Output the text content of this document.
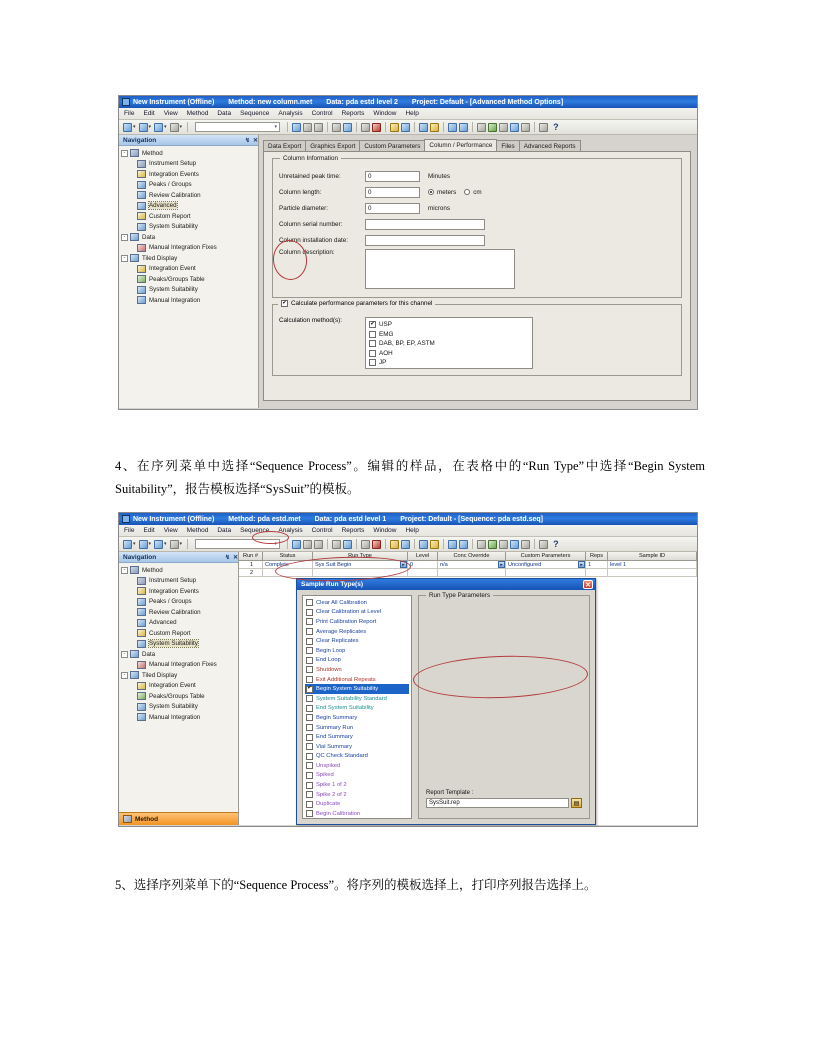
New Instrument (Offline) Method: new column.met Data: pda estd level 2 Project: Default - [Advanced Method Options]
File Edit View Method Data Sequence Analysis Control Reports Window Help
▾	▾	▾	▾	▾	?
Navigation	↯ ✕
-	Method
Instrument Setup
Integration Events
Peaks / Groups
Review Calibration
Advanced
Custom Report
System Suitability
-	Data
Manual Integration Fixes
-	Tiled Display
Integration Event
Peaks/Groups Table
System Suitability
Manual Integration
Data Export	Graphics Export	Custom Parameters	Column / Performance	Files	Advanced Reports
Column Information
Unretained peak time:	0	Minutes
Column length:	0	meters	cm
Particle diameter:	0	microns
Column serial number:
Column installation date:
Column description:
✔
Calculate performance parameters for this channel
Calculation method(s):
✔
USP
EMG
DAB, BP, EP, ASTM
AOH
JP
4、在序列菜单中选择“Sequence Process”。编辑的样品，在表格中的“Run Type”中选择“Begin System Suitability”，报告模板选择“SysSuit”的模板。
New Instrument (Offline) Method: pda estd.met Data: pda estd level 1 Project: Default - [Sequence: pda estd.seq]
File Edit View Method Data Sequence Analysis Control Reports Window Help
▾	▾	▾	▾	▾	?
Navigation	↯ ✕
-	Method
Instrument Setup
Integration Events
Peaks / Groups
Review Calibration
Advanced
Custom Report
System Suitability
-	Data
Manual Integration Fixes
-	Tiled Display
Integration Event
Peaks/Groups Table
System Suitability
Manual Integration
Method
Run #	Status	Run Type	Level	Conc Override	Custom Parameters	Reps	Sample ID
1 Complete	Sys Suit Begin	▸ 0	n/a	▸ Unconfigured	▸ 1	level 1
2
Sample Run Type(s)	✕
Clear All Calibration
Clear Calibration at Level
Print Calibration Report
Average Replicates
Clear Replicates
Begin Loop
End Loop
Shutdown
Exit Additional Repeats
✔
Begin System Suitability
System Suitability Standard
End System Suitability
Begin Summary
Summary Run
End Summary
Vial Summary
QC Check Standard
Unspiked
Spiked
Spike 1 of 2
Spike 2 of 2
Duplicate
Begin Calibration
Run Type Parameters
Report Template :
SysSuit.rep	▤
5、选择序列菜单下的“Sequence Process”。将序列的模板选择上，打印序列报告选择上。
